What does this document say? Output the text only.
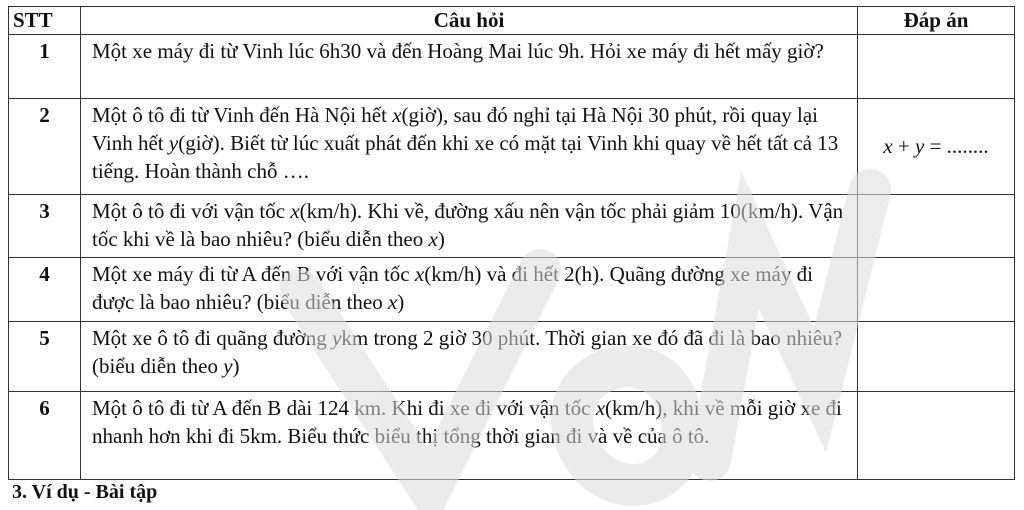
STT	Câu hỏi	Đáp án
1	Một xe máy đi từ Vinh lúc 6h30 và đến Hoàng Mai lúc 9h. Hỏi xe máy đi hết mấy giờ?	
2	Một ô tô đi từ Vinh đến Hà Nội hết x(giờ), sau đó nghỉ tại Hà Nội 30 phút, rồi quay lại Vinh hết y(giờ). Biết từ lúc xuất phát đến khi xe có mặt tại Vinh khi quay về hết tất cả 13 tiếng. Hoàn thành chỗ ….	x + y = ........
3	Một ô tô đi với vận tốc x(km/h). Khi về, đường xấu nên vận tốc phải giảm 10(km/h). Vận tốc khi về là bao nhiêu? (biểu diễn theo x)	
4	Một xe máy đi từ A đến B với vận tốc x(km/h) và đi hết 2(h). Quãng đường xe máy đi được là bao nhiêu? (biểu diễn theo x)	
5	Một xe ô tô đi quãng đường ykm trong 2 giờ 30 phút. Thời gian xe đó đã đi là bao nhiêu? (biểu diễn theo y)	
6	Một ô tô đi từ A đến B dài 124 km. Khi đi xe đi với vận tốc x(km/h), khi về mỗi giờ xe đi nhanh hơn khi đi 5km. Biểu thức biểu thị tổng thời gian đi và về của ô tô.	
3. Ví dụ - Bài tập
